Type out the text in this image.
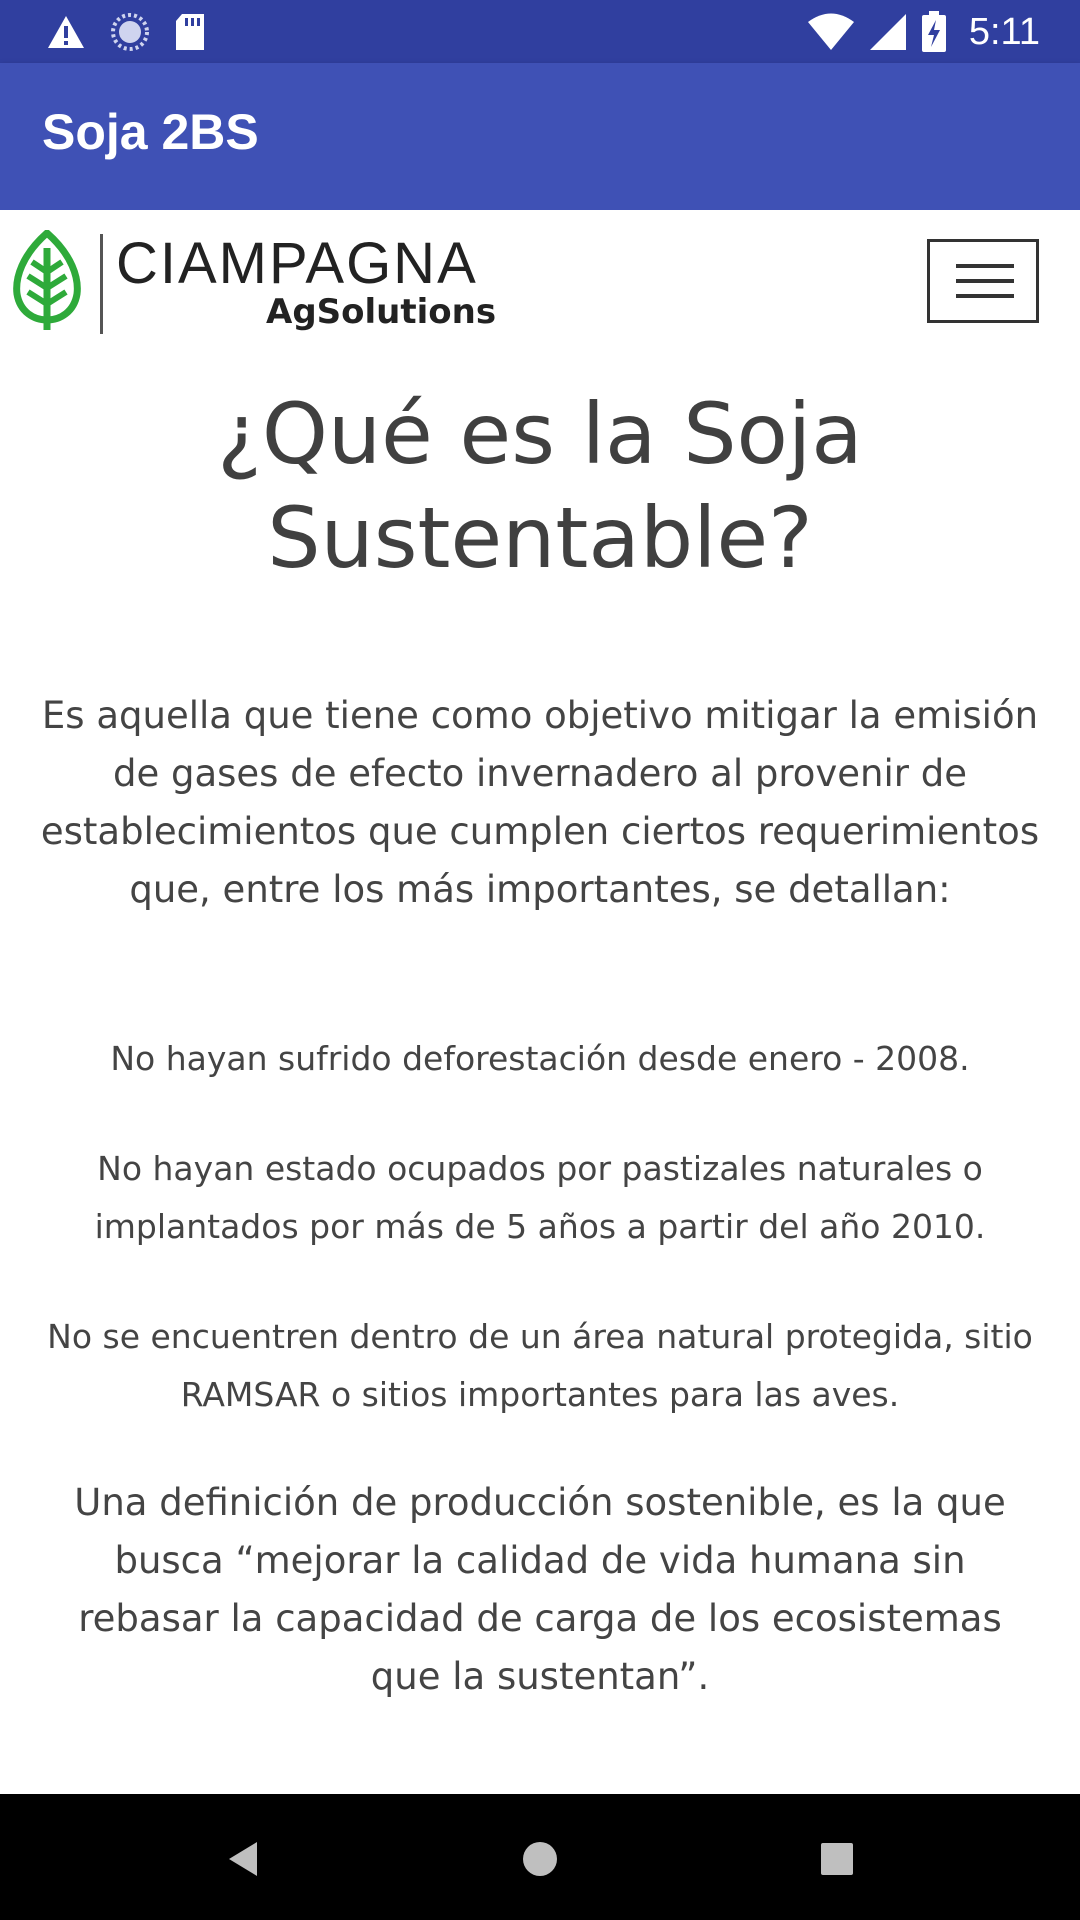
5:11
Soja 2BS
CIAMPAGNA
AgSolutions
¿Qué es la Soja Sustentable?

Es aquella que tiene como objetivo mitigar la emisión de gases de efecto invernadero al provenir de establecimientos que cumplen ciertos requerimientos que, entre los más importantes, se detallan:

No hayan sufrido deforestación desde enero - 2008.

No hayan estado ocupados por pastizales naturales o implantados por más de 5 años a partir del año 2010.

No se encuentren dentro de un área natural protegida, sitio RAMSAR o sitios importantes para las aves.

Una definición de producción sostenible, es la que busca “mejorar la calidad de vida humana sin rebasar la capacidad de carga de los ecosistemas que la sustentan”.
